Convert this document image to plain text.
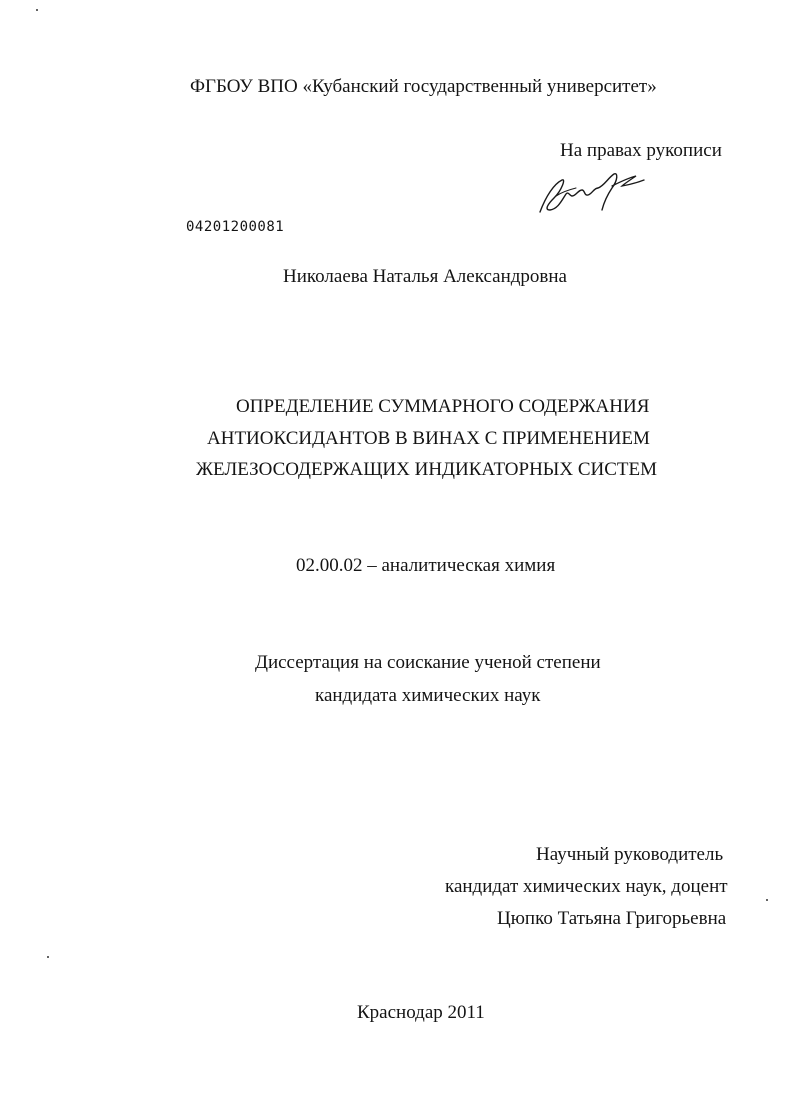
ФГБОУ ВПО «Кубанский государственный университет»
На правах рукописи
04201200081
Николаева Наталья Александровна
ОПРЕДЕЛЕНИЕ СУММАРНОГО СОДЕРЖАНИЯ
АНТИОКСИДАНТОВ В ВИНАХ С ПРИМЕНЕНИЕМ
ЖЕЛЕЗОСОДЕРЖАЩИХ ИНДИКАТОРНЫХ СИСТЕМ
02.00.02 – аналитическая химия
Диссертация на соискание ученой степени
кандидата химических наук
Научный руководитель
кандидат химических наук, доцент
Цюпко Татьяна Григорьевна
Краснодар 2011
